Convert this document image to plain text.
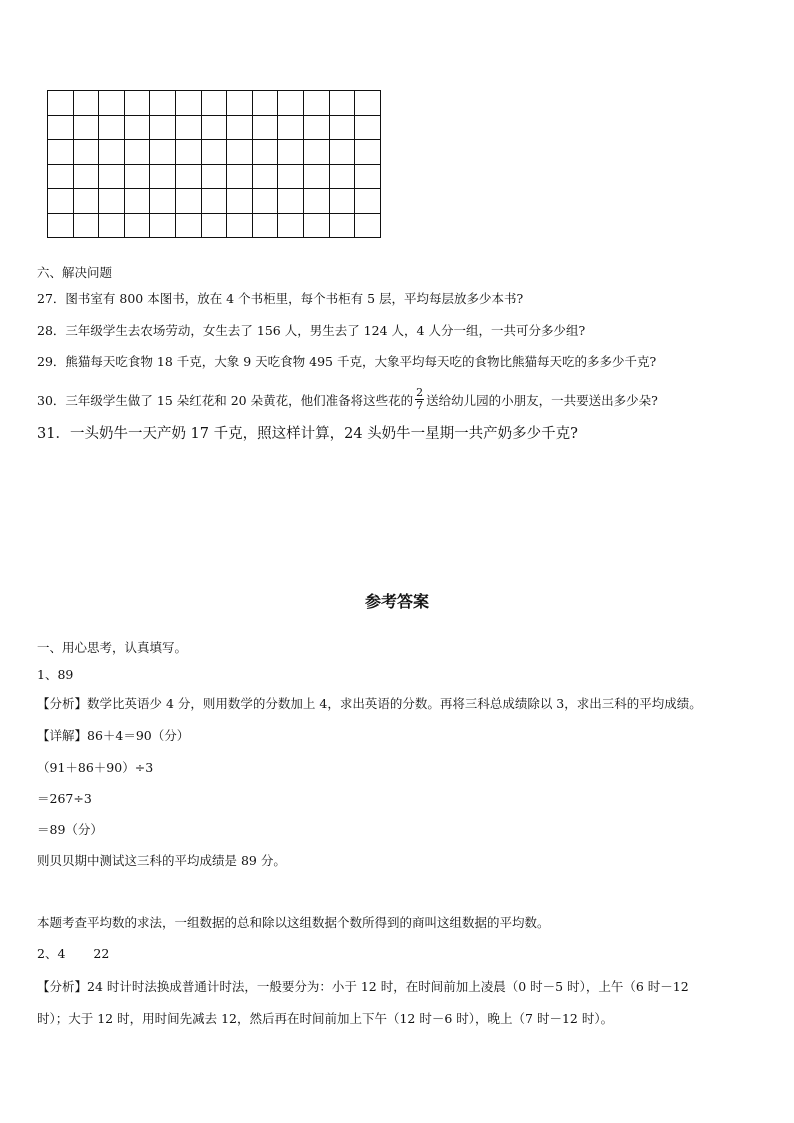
六、解决问题
27．图书室有 800 本图书，放在 4 个书柜里，每个书柜有 5 层，平均每层放多少本书?
28．三年级学生去农场劳动，女生去了 156 人，男生去了 124 人，4 人分一组，一共可分多少组?
29．熊猫每天吃食物 18 千克，大象 9 天吃食物 495 千克，大象平均每天吃的食物比熊猫每天吃的多多少千克?
30．三年级学生做了 15 朵红花和 20 朵黄花，他们准备将这些花的 $\frac{2}{7}$ 送给幼儿园的小朋友，一共要送出多少朵?
31．一头奶牛一天产奶 17 千克，照这样计算，24 头奶牛一星期一共产奶多少千克?
参考答案
一、用心思考，认真填写。
1、89
【分析】数学比英语少 4 分，则用数学的分数加上 4，求出英语的分数。再将三科总成绩除以 3，求出三科的平均成绩。
【详解】86＋4＝90（分）
（91＋86＋90）÷3
＝267÷3
＝89（分）
则贝贝期中测试这三科的平均成绩是 89 分。
本题考查平均数的求法，一组数据的总和除以这组数据个数所得到的商叫这组数据的平均数。
2、4 22
【分析】24 时计时法换成普通计时法，一般要分为：小于 12 时，在时间前加上凌晨（0 时－5 时），上午（6 时－12
时）；大于 12 时，用时间先减去 12，然后再在时间前加上下午（12 时－6 时），晚上（7 时－12 时）。
